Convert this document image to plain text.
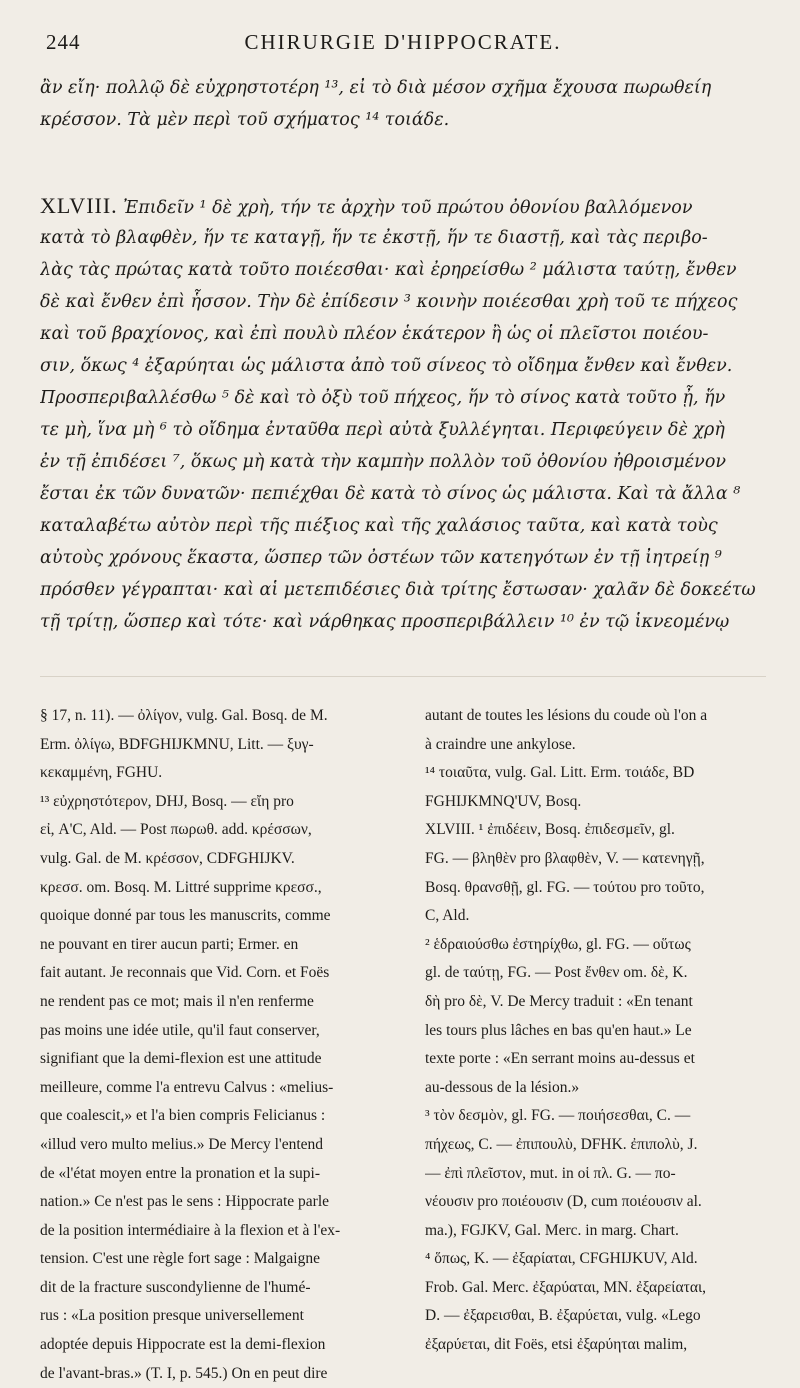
244	CHIRURGIE D'HIPPOCRATE.
ἂν εἴη· πολλῷ δὲ εὐχρηστοτέρη ¹³, εἰ τὸ διὰ μέσον σχῆμα ἔχουσα πωρωθείη
κρέσσον. Τὰ μὲν περὶ τοῦ σχήματος ¹⁴ τοιάδε.
XLVIII. Ἐπιδεῖν ¹ δὲ χρὴ, τήν τε ἀρχὴν τοῦ πρώτου ὀθονίου βαλλόμενον
κατὰ τὸ βλαφθὲν, ἥν τε καταγῇ, ἥν τε ἐκστῇ, ἥν τε διαστῇ, καὶ τὰς περιβο-
λὰς τὰς πρώτας κατὰ τοῦτο ποιέεσθαι· καὶ ἐρηρείσθω ² μάλιστα ταύτῃ, ἔνθεν
δὲ καὶ ἔνθεν ἐπὶ ἧσσον. Τὴν δὲ ἐπίδεσιν ³ κοινὴν ποιέεσθαι χρὴ τοῦ τε πήχεος
καὶ τοῦ βραχίονος, καὶ ἐπὶ πουλὺ πλέον ἑκάτερον ἢ ὡς οἱ πλεῖστοι ποιέου-
σιν, ὅκως ⁴ ἐξαρύηται ὡς μάλιστα ἀπὸ τοῦ σίνεος τὸ οἴδημα ἔνθεν καὶ ἔνθεν.
Προσπεριβαλλέσθω ⁵ δὲ καὶ τὸ ὀξὺ τοῦ πήχεος, ἥν τὸ σίνος κατὰ τοῦτο ᾖ, ἥν
τε μὴ, ἵνα μὴ ⁶ τὸ οἴδημα ἐνταῦθα περὶ αὐτὰ ξυλλέγηται. Περιφεύγειν δὲ χρὴ
ἐν τῇ ἐπιδέσει ⁷, ὅκως μὴ κατὰ τὴν καμπὴν πολλὸν τοῦ ὀθονίου ἠθροισμένον
ἔσται ἐκ τῶν δυνατῶν· πεπιέχθαι δὲ κατὰ τὸ σίνος ὡς μάλιστα. Καὶ τὰ ἄλλα ⁸
καταλαβέτω αὐτὸν περὶ τῆς πιέξιος καὶ τῆς χαλάσιος ταῦτα, καὶ κατὰ τοὺς
αὐτοὺς χρόνους ἕκαστα, ὥσπερ τῶν ὀστέων τῶν κατεηγότων ἐν τῇ ἰητρείῃ ⁹
πρόσθεν γέγραπται· καὶ αἱ μετεπιδέσιες διὰ τρίτης ἔστωσαν· χαλᾶν δὲ δοκεέτω
τῇ τρίτῃ, ὥσπερ καὶ τότε· καὶ νάρθηκας προσπεριβάλλειν ¹⁰ ἐν τῷ ἱκνεομένῳ
§ 17, n. 11). — ὀλίγον, vulg. Gal. Bosq. de M.
Erm. ὀλίγω, BDFGHIJKMNU, Litt. — ξυγ-
κεκαμμένη, FGHU.
¹³ εὐχρηστότερον, DHJ, Bosq. — εἴη pro
εἰ, A'C, Ald. — Post πωρωθ. add. κρέσσων,
vulg. Gal. de M. κρέσσον, CDFGHIJKV.
κρεσσ. om. Bosq. M. Littré supprime κρεσσ.,
quoique donné par tous les manuscrits, comme
ne pouvant en tirer aucun parti; Ermer. en
fait autant. Je reconnais que Vid. Corn. et Foës
ne rendent pas ce mot; mais il n'en renferme
pas moins une idée utile, qu'il faut conserver,
signifiant que la demi-flexion est une attitude
meilleure, comme l'a entrevu Calvus : «melius-
que coalescit,» et l'a bien compris Felicianus :
«illud vero multo melius.» De Mercy l'entend
de «l'état moyen entre la pronation et la supi-
nation.» Ce n'est pas le sens : Hippocrate parle
de la position intermédiaire à la flexion et à l'ex-
tension. C'est une règle fort sage : Malgaigne
dit de la fracture suscondylienne de l'humé-
rus : «La position presque universellement
adoptée depuis Hippocrate est la demi-flexion
de l'avant-bras.» (T. I, p. 545.) On en peut dire
autant de toutes les lésions du coude où l'on a
à craindre une ankylose.
¹⁴ τοιαῦτα, vulg. Gal. Litt. Erm. τοιάδε, BD
FGHIJKMNQ'UV, Bosq.
XLVIII. ¹ ἐπιδέειν, Bosq. ἐπιδεσμεῖν, gl.
FG. — βληθὲν pro βλαφθὲν, V. — κατενηγῇ,
Bosq. θρανσθῇ, gl. FG. — τούτου pro τοῦτο,
C, Ald.
² ἑδραιούσθω ἐστηρίχθω, gl. FG. — οὕτως
gl. de ταύτῃ, FG. — Post ἔνθεν om. δὲ, K.
δὴ pro δὲ, V. De Mercy traduit : «En tenant
les tours plus lâches en bas qu'en haut.» Le
texte porte : «En serrant moins au-dessus et
au-dessous de la lésion.»
³ τὸν δεσμὸν, gl. FG. — ποιήσεσθαι, C. —
πήχεως, C. — ἐπιπουλὺ, DFHK. ἐπιπολὺ, J.
— ἐπὶ πλεῖστον, mut. in οἱ πλ. G. — πο-
νέουσιν pro ποιέουσιν (D, cum ποιέουσιν al.
ma.), FGJKV, Gal. Merc. in marg. Chart.
⁴ ὅπως, K. — ἐξαρίαται, CFGHIJKUV, Ald.
Frob. Gal. Merc. ἐξαρύαται, MN. ἐξαρείαται,
D. — ἐξαρεισθαι, B. ἐξαρύεται, vulg. «Lego
ἐξαρύεται, dit Foës, etsi ἐξαρύηται malim,
